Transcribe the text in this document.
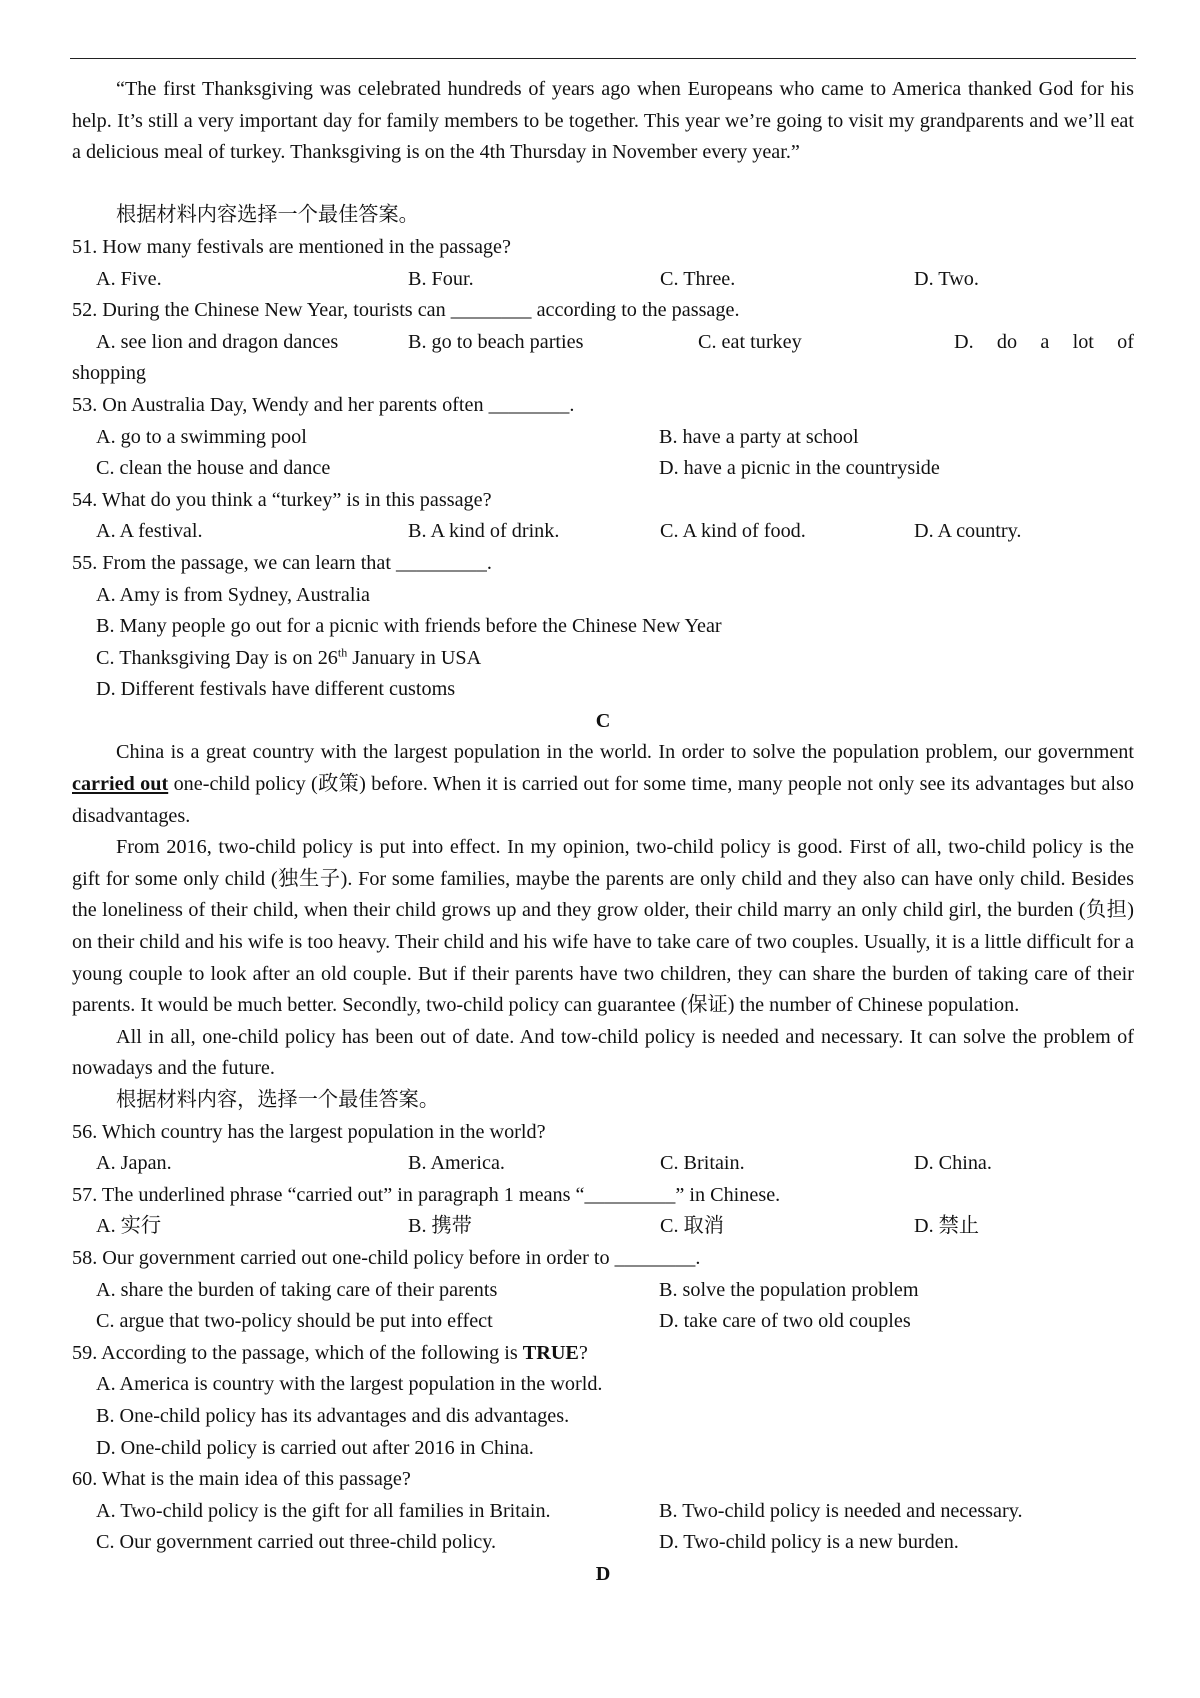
“The first Thanksgiving was celebrated hundreds of years ago when Europeans who came to America thanked God for his help. It’s still a very important day for family members to be together. This year we’re going to visit my grandparents and we’ll eat a delicious meal of turkey. Thanksgiving is on the 4th Thursday in November every year.”

根据材料内容选择一个最佳答案。

51. How many festivals are mentioned in the passage?

A. Five.	B. Four.	C. Three.	D. Two.

52. During the Chinese New Year, tourists can ________ according to the passage.

A. see lion and dragon dances	B. go to beach parties	C. eat turkey	D. do a lot of

shopping

53. On Australia Day, Wendy and her parents often ________.

A. go to a swimming pool	B. have a party at school
C. clean the house and dance	D. have a picnic in the countryside

54. What do you think a “turkey” is in this passage?

A. A festival.	B. A kind of drink.	C. A kind of food.	D. A country.

55. From the passage, we can learn that _________.

A. Amy is from Sydney, Australia

B. Many people go out for a picnic with friends before the Chinese New Year

C. Thanksgiving Day is on 26th January in USA

D. Different festivals have different customs

C

China is a great country with the largest population in the world. In order to solve the population problem, our government carried out one-child policy (政策) before. When it is carried out for some time, many people not only see its advantages but also disadvantages.

From 2016, two-child policy is put into effect. In my opinion, two-child policy is good. First of all, two-child policy is the gift for some only child (独生子). For some families, maybe the parents are only child and they also can have only child. Besides the loneliness of their child, when their child grows up and they grow older, their child marry an only child girl, the burden (负担) on their child and his wife is too heavy. Their child and his wife have to take care of two couples. Usually, it is a little difficult for a young couple to look after an old couple. But if their parents have two children, they can share the burden of taking care of their parents. It would be much better. Secondly, two-child policy can guarantee (保证) the number of Chinese population.

All in all, one-child policy has been out of date. And tow-child policy is needed and necessary. It can solve the problem of nowadays and the future.

根据材料内容，选择一个最佳答案。

56. Which country has the largest population in the world?

A. Japan.	B. America.	C. Britain.	D. China.

57. The underlined phrase “carried out” in paragraph 1 means “_________” in Chinese.

A. 实行	B. 携带	C. 取消	D. 禁止

58. Our government carried out one-child policy before in order to ________.

A. share the burden of taking care of their parents	B. solve the population problem
C. argue that two-policy should be put into effect	D. take care of two old couples

59. According to the passage, which of the following is TRUE?

A. America is country with the largest population in the world.

B. One-child policy has its advantages and dis advantages.

D. One-child policy is carried out after 2016 in China.

60. What is the main idea of this passage?

A. Two-child policy is the gift for all families in Britain.	B. Two-child policy is needed and necessary.
C. Our government carried out three-child policy.	D. Two-child policy is a new burden.

D
